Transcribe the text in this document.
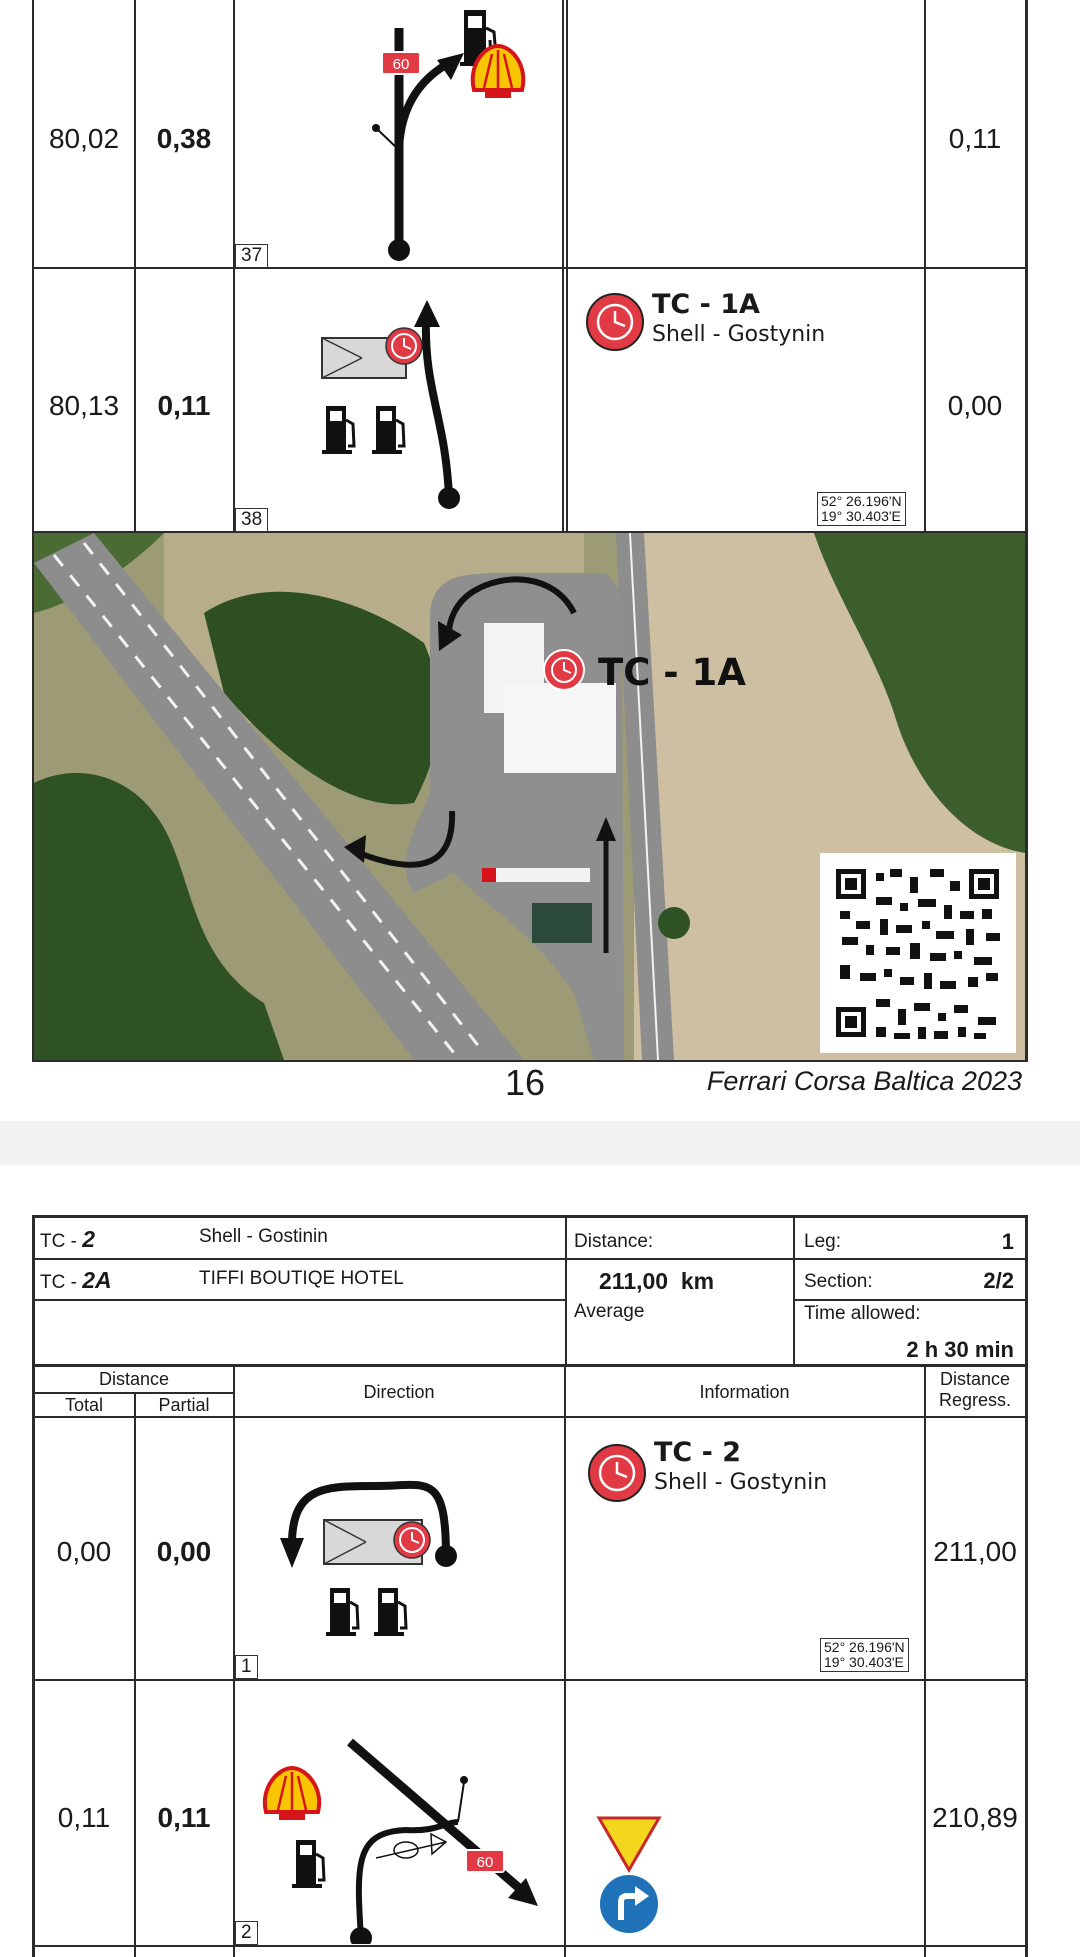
80,02	0,38	0,11
37
60
80,13	0,11	0,00
38
TC - 1A
Shell - Gostynin
52° 26.196'N
19° 30.403'E
TC - 1A
16	Ferrari Corsa Baltica 2023
TC - 2	Shell - Gostinin
TC - 2A	TIFFI BOUTIQE HOTEL
Distance:
211,00  km
Average
Leg:	1
Section:	2/2
Time allowed:
2 h 30 min
Distance
Total	Partial
Direction	Information
Distance
Regress.
0,00	0,00	211,00
1
TC - 2
Shell - Gostynin
52° 26.196'N
19° 30.403'E
0,11	0,11	210,89
2
60
